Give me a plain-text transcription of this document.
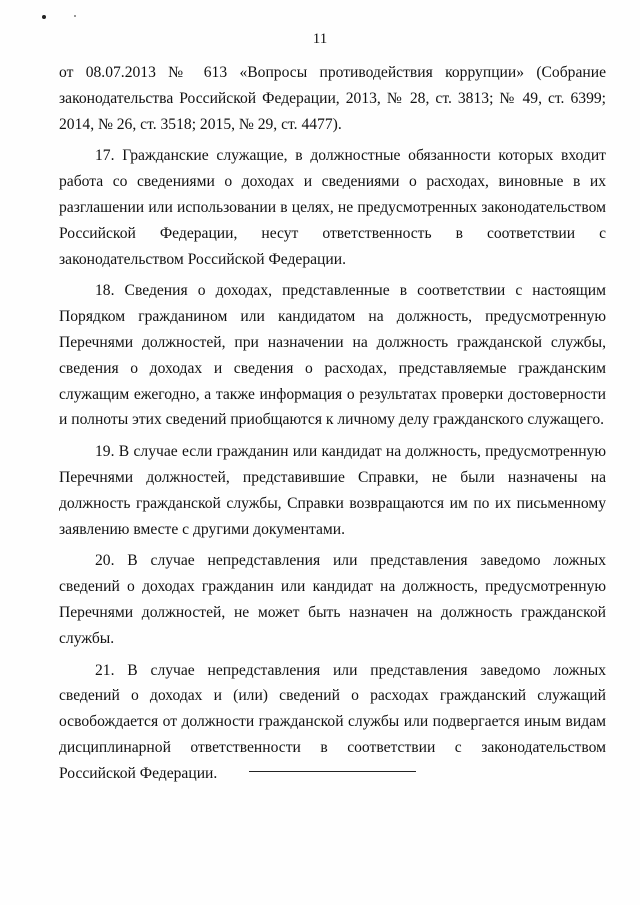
11

от 08.07.2013 № 613 «Вопросы противодействия коррупции» (Собрание законодательства Российской Федерации, 2013, № 28, ст. 3813; № 49, ст. 6399; 2014, № 26, ст. 3518; 2015, № 29, ст. 4477).

17. Гражданские служащие, в должностные обязанности которых входит работа со сведениями о доходах и сведениями о расходах, виновные в их разглашении или использовании в целях, не предусмотренных законодательством Российской Федерации, несут ответственность в соответствии с законодательством Российской Федерации.

18. Сведения о доходах, представленные в соответствии с настоящим Порядком гражданином или кандидатом на должность, предусмотренную Перечнями должностей, при назначении на должность гражданской службы, сведения о доходах и сведения о расходах, представляемые гражданским служащим ежегодно, а также информация о результатах проверки достоверности и полноты этих сведений приобщаются к личному делу гражданского служащего.

19. В случае если гражданин или кандидат на должность, предусмотренную Перечнями должностей, представившие Справки, не были назначены на должность гражданской службы, Справки возвращаются им по их письменному заявлению вместе с другими документами.

20. В случае непредставления или представления заведомо ложных сведений о доходах гражданин или кандидат на должность, предусмотренную Перечнями должностей, не может быть назначен на должность гражданской службы.

21. В случае непредставления или представления заведомо ложных сведений о доходах и (или) сведений о расходах гражданский служащий освобождается от должности гражданской службы или подвергается иным видам дисциплинарной ответственности в соответствии с законодательством Российской Федерации.
